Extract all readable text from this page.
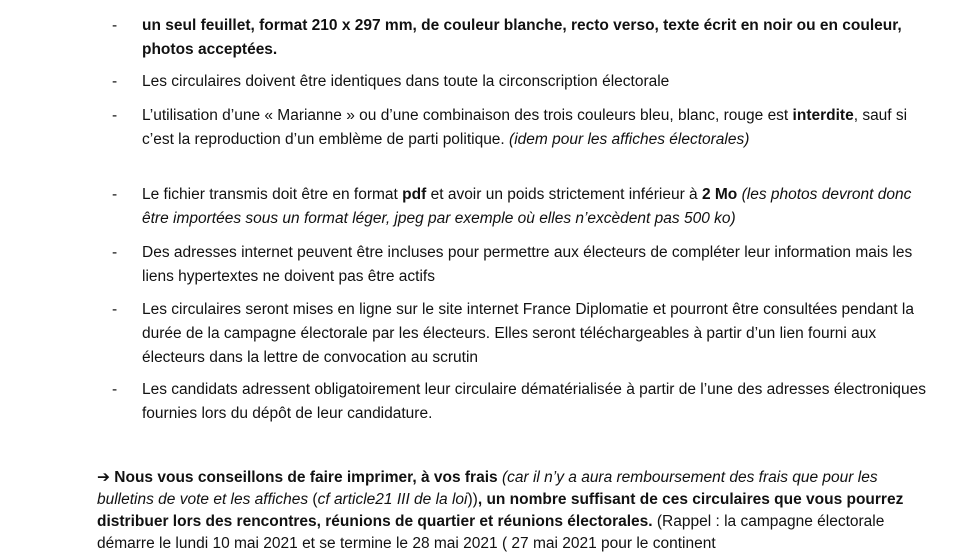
-	un seul feuillet, format 210 x 297 mm, de couleur blanche, recto verso, texte écrit en noir ou en couleur, photos acceptées.
-	Les circulaires doivent être identiques dans toute la circonscription électorale
-	L’utilisation d’une « Marianne » ou d’une combinaison des trois couleurs bleu, blanc, rouge est interdite, sauf si c’est la reproduction d’un emblème de parti politique. (idem pour les affiches électorales)
-	Le fichier transmis doit être en format pdf et avoir un poids strictement inférieur à 2 Mo (les photos devront donc être importées sous un format léger, jpeg par exemple où elles n’excèdent pas 500 ko)
-	Des adresses internet peuvent être incluses pour permettre aux électeurs de compléter leur information mais les liens hypertextes ne doivent pas être actifs
-	Les circulaires seront mises en ligne sur le site internet France Diplomatie et pourront être consultées pendant la durée de la campagne électorale par les électeurs. Elles seront téléchargeables à partir d’un lien fourni aux électeurs dans la lettre de convocation au scrutin
-	Les candidats adressent obligatoirement leur circulaire dématérialisée à partir de l’une des adresses électroniques fournies lors du dépôt de leur candidature.
➔ Nous vous conseillons de faire imprimer, à vos frais (car il n’y a aura remboursement des frais que pour les bulletins de vote et les affiches (cf article21 III de la loi)), un nombre suffisant de ces circulaires que vous pourrez distribuer lors des rencontres, réunions de quartier et réunions électorales. (Rappel : la campagne électorale démarre le lundi 10 mai 2021 et se termine le 28 mai 2021 ( 27 mai 2021 pour le continent
